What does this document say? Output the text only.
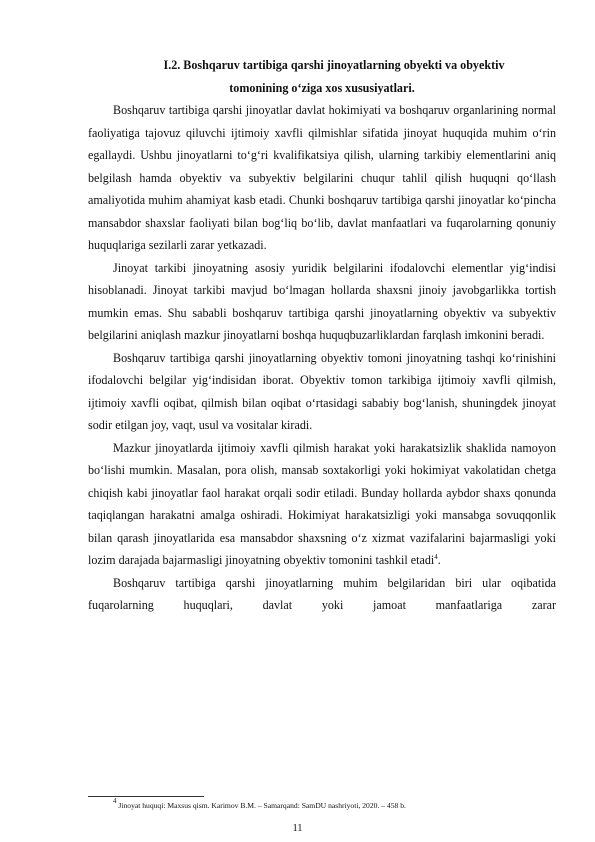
I.2. Boshqaruv tartibiga qarshi jinoyatlarning obyekti va obyektiv
tomonining o‘ziga xos xususiyatlari.

Boshqaruv tartibiga qarshi jinoyatlar davlat hokimiyati va boshqaruv organlarining normal faoliyatiga tajovuz qiluvchi ijtimoiy xavfli qilmishlar sifatida jinoyat huquqida muhim o‘rin egallaydi. Ushbu jinoyatlarni to‘g‘ri kvalifikatsiya qilish, ularning tarkibiy elementlarini aniq belgilash hamda obyektiv va subyektiv belgilarini chuqur tahlil qilish huquqni qo‘llash amaliyotida muhim ahamiyat kasb etadi. Chunki boshqaruv tartibiga qarshi jinoyatlar ko‘pincha mansabdor shaxslar faoliyati bilan bog‘liq bo‘lib, davlat manfaatlari va fuqarolarning qonuniy huquqlariga sezilarli zarar yetkazadi.

Jinoyat tarkibi jinoyatning asosiy yuridik belgilarini ifodalovchi elementlar yig‘indisi hisoblanadi. Jinoyat tarkibi mavjud bo‘lmagan hollarda shaxsni jinoiy javobgarlikka tortish mumkin emas. Shu sababli boshqaruv tartibiga qarshi jinoyatlarning obyektiv va subyektiv belgilarini aniqlash mazkur jinoyatlarni boshqa huquqbuzarliklardan farqlash imkonini beradi.

Boshqaruv tartibiga qarshi jinoyatlarning obyektiv tomoni jinoyatning tashqi ko‘rinishini ifodalovchi belgilar yig‘indisidan iborat. Obyektiv tomon tarkibiga ijtimoiy xavfli qilmish, ijtimoiy xavfli oqibat, qilmish bilan oqibat o‘rtasidagi sababiy bog‘lanish, shuningdek jinoyat sodir etilgan joy, vaqt, usul va vositalar kiradi.

Mazkur jinoyatlarda ijtimoiy xavfli qilmish harakat yoki harakatsizlik shaklida namoyon bo‘lishi mumkin. Masalan, pora olish, mansab soxtakorligi yoki hokimiyat vakolatidan chetga chiqish kabi jinoyatlar faol harakat orqali sodir etiladi. Bunday hollarda aybdor shaxs qonunda taqiqlangan harakatni amalga oshiradi. Hokimiyat harakatsizligi yoki mansabga sovuqqonlik bilan qarash jinoyatlarida esa mansabdor shaxsning o‘z xizmat vazifalarini bajarmasligi yoki lozim darajada bajarmasligi jinoyatning obyektiv tomonini tashkil etadi$^4$.

Boshqaruv tartibiga qarshi jinoyatlarning muhim belgilaridan biri ular oqibatida fuqarolarning huquqlari, davlat yoki jamoat manfaatlariga zarar

$^4$ Jinoyat huquqi: Maxsus qism. Karimov B.M. – Samarqand: SamDU nashriyoti, 2020. – 458 b.
11
